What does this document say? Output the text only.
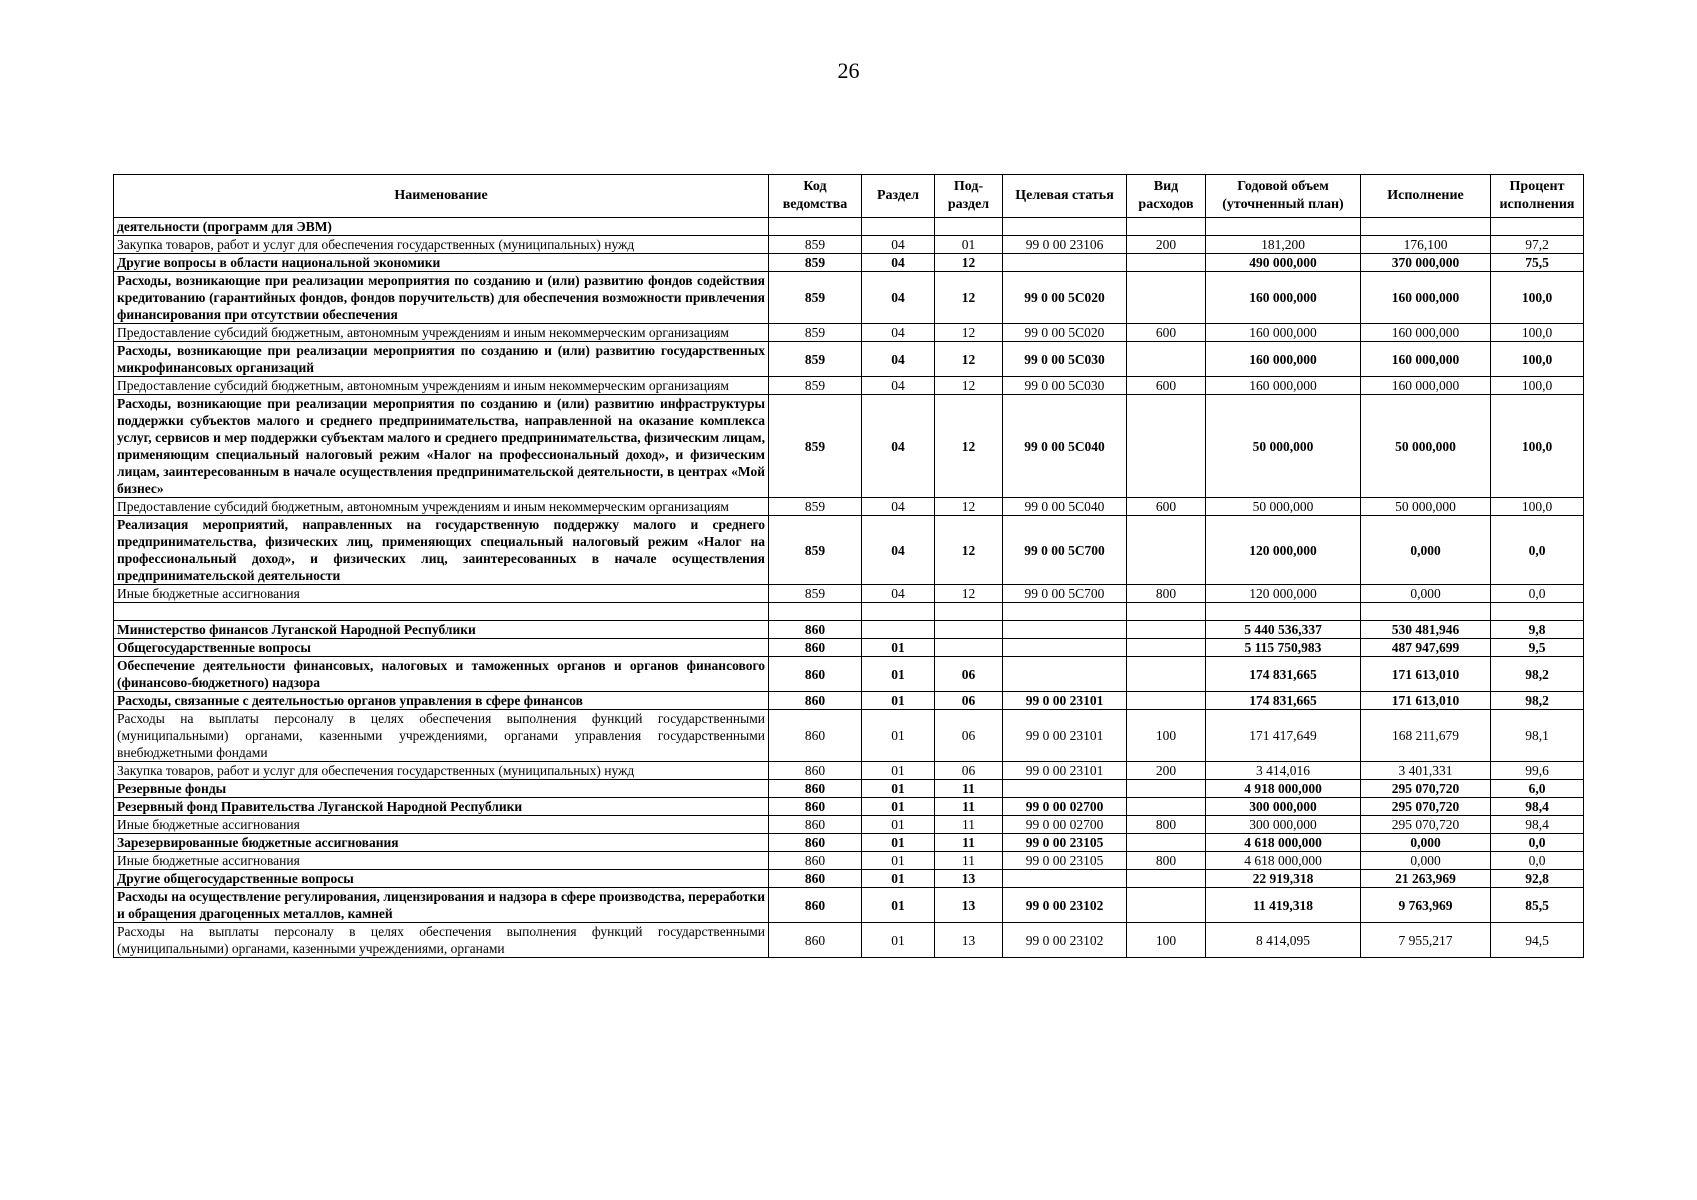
26
Наименование	Код ведомства	Раздел	Под-раздел	Целевая статья	Вид расходов	Годовой объем (уточненный план)	Исполнение	Процент исполнения
деятельности (программ для ЭВМ)								
Закупка товаров, работ и услуг для обеспечения государственных (муниципальных) нужд	859	04	01	99 0 00 23106	200	181,200	176,100	97,2
Другие вопросы в области национальной экономики	859	04	12			490 000,000	370 000,000	75,5
Расходы, возникающие при реализации мероприятия по созданию и (или) развитию фондов содействия кредитованию (гарантийных фондов, фондов поручительств) для обеспечения возможности привлечения финансирования при отсутствии обеспечения	859	04	12	99 0 00 5С020		160 000,000	160 000,000	100,0
Предоставление субсидий бюджетным, автономным учреждениям и иным некоммерческим организациям	859	04	12	99 0 00 5С020	600	160 000,000	160 000,000	100,0
Расходы, возникающие при реализации мероприятия по созданию и (или) развитию государственных микрофинансовых организаций	859	04	12	99 0 00 5С030		160 000,000	160 000,000	100,0
Предоставление субсидий бюджетным, автономным учреждениям и иным некоммерческим организациям	859	04	12	99 0 00 5С030	600	160 000,000	160 000,000	100,0
Расходы, возникающие при реализации мероприятия по созданию и (или) развитию инфраструктуры поддержки субъектов малого и среднего предпринимательства, направленной на оказание комплекса услуг, сервисов и мер поддержки субъектам малого и среднего предпринимательства, физическим лицам, применяющим специальный налоговый режим «Налог на профессиональный доход», и физическим лицам, заинтересованным в начале осуществления предпринимательской деятельности, в центрах «Мой бизнес»	859	04	12	99 0 00 5С040		50 000,000	50 000,000	100,0
Предоставление субсидий бюджетным, автономным учреждениям и иным некоммерческим организациям	859	04	12	99 0 00 5С040	600	50 000,000	50 000,000	100,0
Реализация мероприятий, направленных на государственную поддержку малого и среднего предпринимательства, физических лиц, применяющих специальный налоговый режим «Налог на профессиональный доход», и физических лиц, заинтересованных в начале осуществления предпринимательской деятельности	859	04	12	99 0 00 5С700		120 000,000	0,000	0,0
Иные бюджетные ассигнования	859	04	12	99 0 00 5С700	800	120 000,000	0,000	0,0

Министерство финансов Луганской Народной Республики	860					5 440 536,337	530 481,946	9,8
Общегосударственные вопросы	860	01				5 115 750,983	487 947,699	9,5
Обеспечение деятельности финансовых, налоговых и таможенных органов и органов финансового (финансово-бюджетного) надзора	860	01	06			174 831,665	171 613,010	98,2
Расходы, связанные с деятельностью органов управления в сфере финансов	860	01	06	99 0 00 23101		174 831,665	171 613,010	98,2
Расходы на выплаты персоналу в целях обеспечения выполнения функций государственными (муниципальными) органами, казенными учреждениями, органами управления государственными внебюджетными фондами	860	01	06	99 0 00 23101	100	171 417,649	168 211,679	98,1
Закупка товаров, работ и услуг для обеспечения государственных (муниципальных) нужд	860	01	06	99 0 00 23101	200	3 414,016	3 401,331	99,6
Резервные фонды	860	01	11			4 918 000,000	295 070,720	6,0
Резервный фонд Правительства Луганской Народной Республики	860	01	11	99 0 00 02700		300 000,000	295 070,720	98,4
Иные бюджетные ассигнования	860	01	11	99 0 00 02700	800	300 000,000	295 070,720	98,4
Зарезервированные бюджетные ассигнования	860	01	11	99 0 00 23105		4 618 000,000	0,000	0,0
Иные бюджетные ассигнования	860	01	11	99 0 00 23105	800	4 618 000,000	0,000	0,0
Другие общегосударственные вопросы	860	01	13			22 919,318	21 263,969	92,8
Расходы на осуществление регулирования, лицензирования и надзора в сфере производства, переработки и обращения драгоценных металлов, камней	860	01	13	99 0 00 23102		11 419,318	9 763,969	85,5
Расходы на выплаты персоналу в целях обеспечения выполнения функций государственными (муниципальными) органами, казенными учреждениями, органами	860	01	13	99 0 00 23102	100	8 414,095	7 955,217	94,5
